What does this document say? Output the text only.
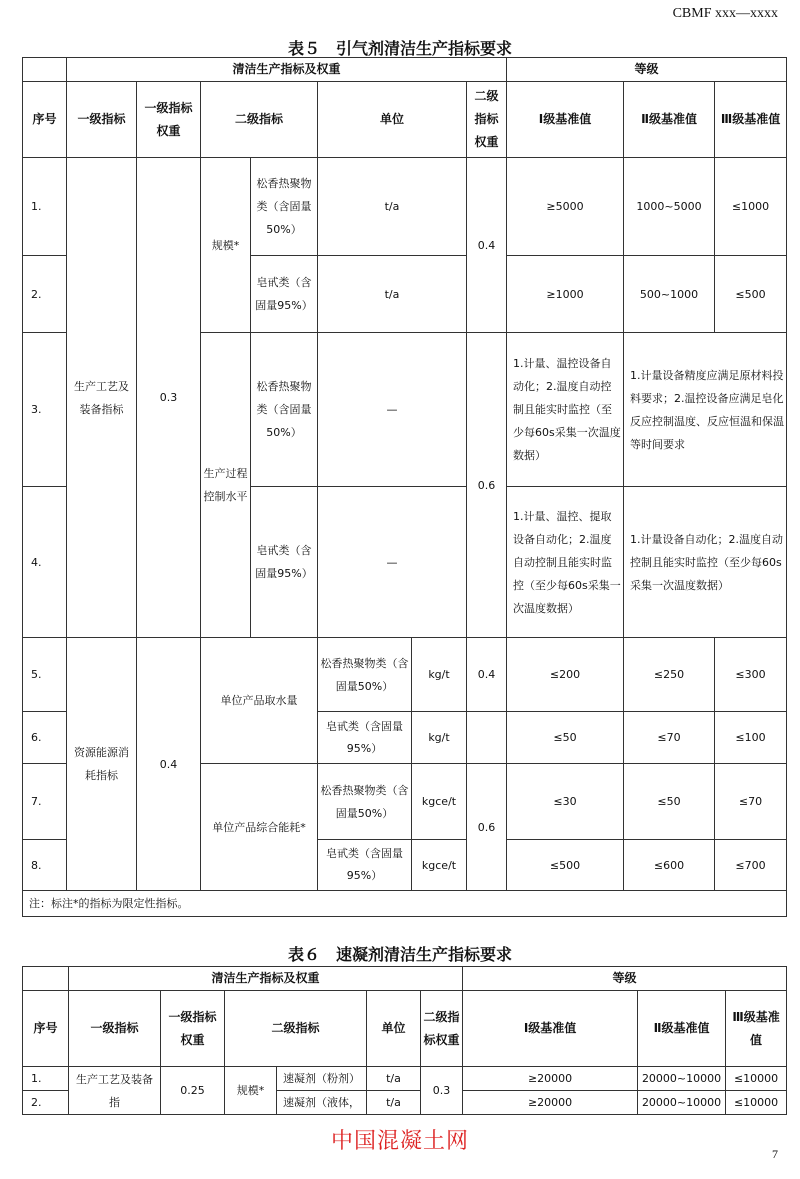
CBMF xxx—xxxx
表５　引气剂清洁生产指标要求
	清洁生产指标及权重							等级		
序号	一级指标	一级指标权重	二级指标		单位		二级指标权重	Ⅰ级基准值	Ⅱ级基准值	Ⅲ级基准值
1.	生产工艺及装备指标	0.3	规模*	松香热聚物类（含固量50%）	t/a		0.4	≥5000	1000~5000	≤1000
2.				皂甙类（含固量95%）	t/a			≥1000	500~1000	≤500
3.			生产过程控制水平	松香热聚物类（含固量50%）	—		0.6	1.计量、温控设备自动化；2.温度自动控制且能实时监控（至少每60s采集一次温度数据）	1.计量设备精度应满足原材料投料要求；2.温控设备应满足皂化反应控制温度、反应恒温和保温等时间要求	
4.				皂甙类（含固量95%）	—			1.计量、温控、提取设备自动化；2.温度自动控制且能实时监控（至少每60s采集一次温度数据）	1.计量设备自动化；2.温度自动控制且能实时监控（至少每60s采集一次温度数据）	
5.	资源能源消耗指标	0.4	单位产品取水量		松香热聚物类（含固量50%）	kg/t	0.4	≤200	≤250	≤300
6.					皂甙类（含固量95%）	kg/t		≤50	≤70	≤100
7.			单位产品综合能耗*		松香热聚物类（含固量50%）	kgce/t	0.6	≤30	≤50	≤70
8.					皂甙类（含固量95%）	kgce/t		≤500	≤600	≤700
注：标注*的指标为限定性指标。										
表６　速凝剂清洁生产指标要求
	清洁生产指标及权重						等级		
序号	一级指标	一级指标权重	二级指标		单位	二级指标权重	Ⅰ级基准值	Ⅱ级基准值	Ⅲ级基准值
1.	生产工艺及装备指	0.25	规模*	速凝剂（粉剂）	t/a	0.3	≥20000	20000~10000	≤10000
2.				速凝剂（液体，	t/a		≥20000	20000~10000	≤10000
中国混凝土网	7
